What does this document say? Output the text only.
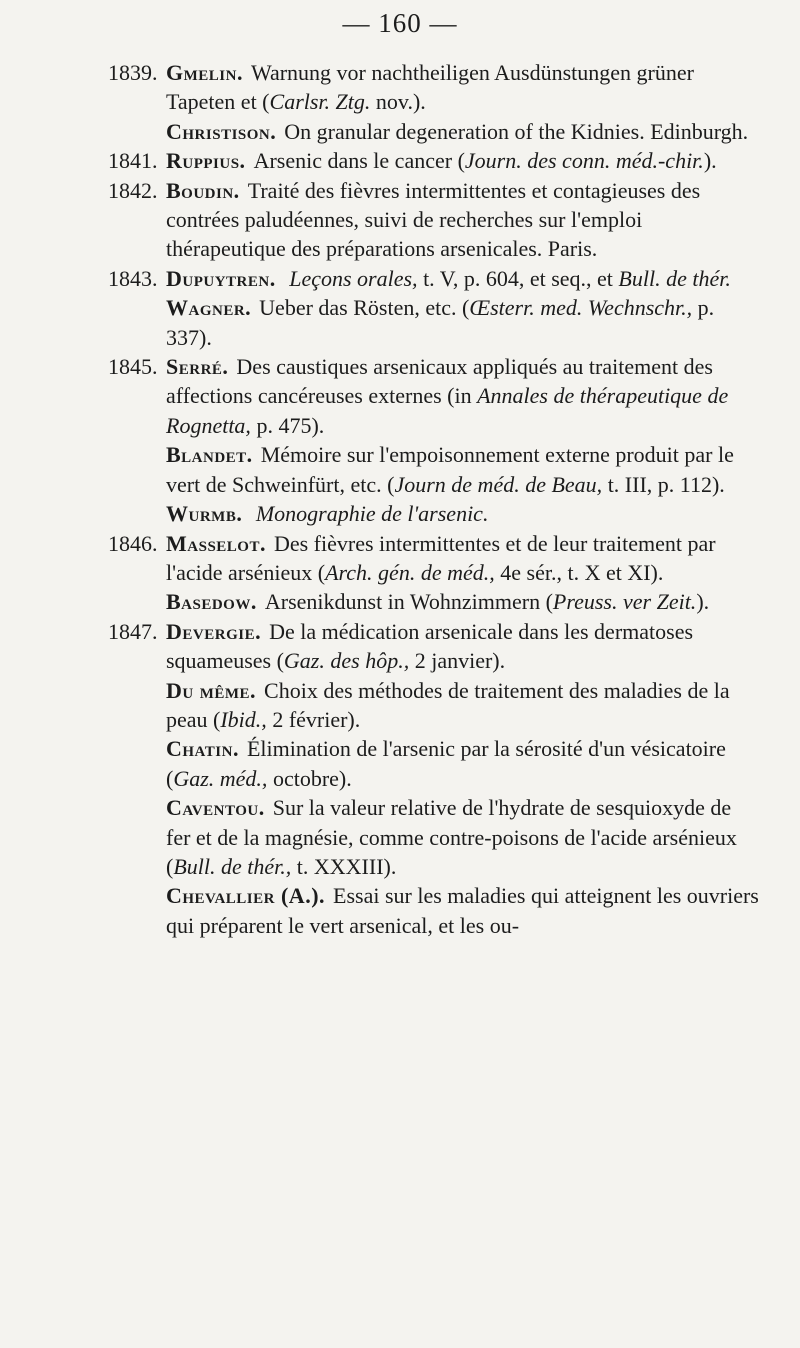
— 160 —
1839. Gmelin. Warnung vor nachtheiligen Ausdünstungen grüner Tapeten et (Carlsr. Ztg. nov.).
Christison. On granular degeneration of the Kidnies. Edinburgh.
1841. Ruppius. Arsenic dans le cancer (Journ. des conn. méd.-chir.).
1842. Boudin. Traité des fièvres intermittentes et contagieuses des contrées paludéennes, suivi de recherches sur l'emploi thérapeutique des préparations arsenicales. Paris.
1843. Dupuytren. Leçons orales, t. V, p. 604, et seq., et Bull. de thér.
Wagner. Ueber das Rösten, etc. (Œsterr. med. Wechnschr., p. 337).
1845. Serré. Des caustiques arsenicaux appliqués au traitement des affections cancéreuses externes (in Annales de thérapeutique de Rognetta, p. 475).
Blandet. Mémoire sur l'empoisonnement externe produit par le vert de Schweinfürt, etc. (Journ de méd. de Beau, t. III, p. 112).
Wurmb. Monographie de l'arsenic.
1846. Masselot. Des fièvres intermittentes et de leur traitement par l'acide arsénieux (Arch. gén. de méd., 4e sér., t. X et XI).
Basedow. Arsenikdunst in Wohnzimmern (Preuss. ver Zeit.).
1847. Devergie. De la médication arsenicale dans les dermatoses squameuses (Gaz. des hôp., 2 janvier).
Du même. Choix des méthodes de traitement des maladies de la peau (Ibid., 2 février).
Chatin. Élimination de l'arsenic par la sérosité d'un vésicatoire (Gaz. méd., octobre).
Caventou. Sur la valeur relative de l'hydrate de sesquioxyde de fer et de la magnésie, comme contre-poisons de l'acide arsénieux (Bull. de thér., t. XXXIII).
Chevallier (A.). Essai sur les maladies qui atteignent les ouvriers qui préparent le vert arsenical, et les ou-
